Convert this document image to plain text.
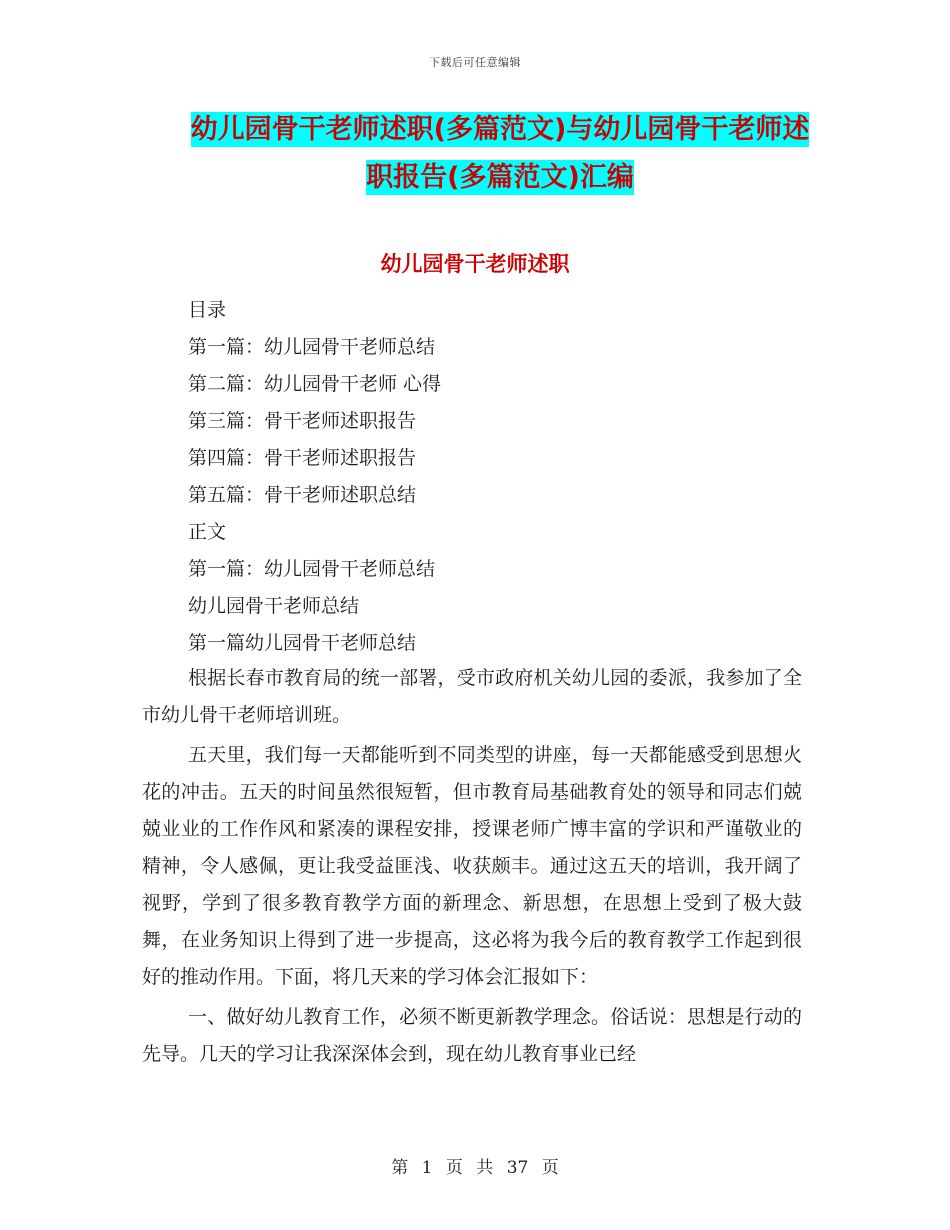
下载后可任意编辑
幼儿园骨干老师述职(多篇范文)与幼儿园骨干老师述
职报告(多篇范文)汇编
幼儿园骨干老师述职
目录
第一篇：幼儿园骨干老师总结
第二篇：幼儿园骨干老师 心得
第三篇：骨干老师述职报告
第四篇：骨干老师述职报告
第五篇：骨干老师述职总结
正文
第一篇：幼儿园骨干老师总结
幼儿园骨干老师总结
第一篇幼儿园骨干老师总结

根据长春市教育局的统一部署，受市政府机关幼儿园的委派，我参加了全市幼儿骨干老师培训班。

五天里，我们每一天都能听到不同类型的讲座，每一天都能感受到思想火花的冲击。五天的时间虽然很短暂，但市教育局基础教育处的领导和同志们兢兢业业的工作作风和紧凑的课程安排，授课老师广博丰富的学识和严谨敬业的精神，令人感佩，更让我受益匪浅、收获颇丰。通过这五天的培训，我开阔了视野，学到了很多教育教学方面的新理念、新思想，在思想上受到了极大鼓舞，在业务知识上得到了进一步提高，这必将为我今后的教育教学工作起到很好的推动作用。下面，将几天来的学习体会汇报如下：

一、做好幼儿教育工作，必须不断更新教学理念。俗话说：思想是行动的先导。几天的学习让我深深体会到，现在幼儿教育事业已经

第 1 页 共 37 页
